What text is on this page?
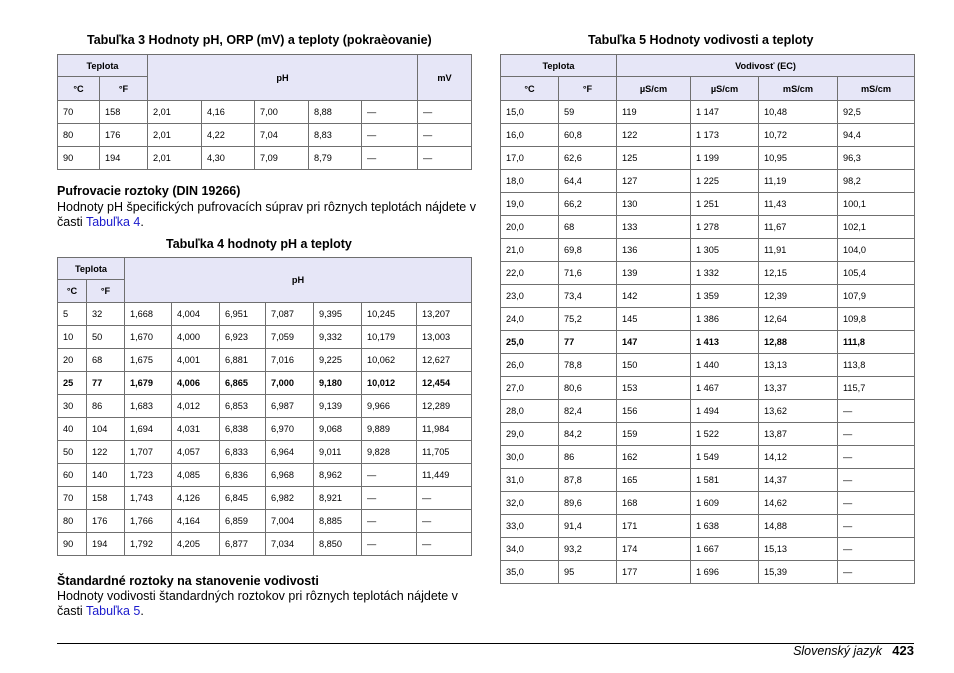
Tabuľka 3 Hodnoty pH, ORP (mV) a teploty (pokraèovanie)
Teplota		pH					mV
°C	°F						
70	158	2,01	4,16	7,00	8,88	—	—
80	176	2,01	4,22	7,04	8,83	—	—
90	194	2,01	4,30	7,09	8,79	—	—
Pufrovacie roztoky (DIN 19266)
Hodnoty pH špecifických pufrovacích súprav pri rôznych teplotách nájdete v časti Tabuľka 4.
Tabuľka 4 hodnoty pH a teploty
Teplota		pH						
°C	°F							
5	32	1,668	4,004	6,951	7,087	9,395	10,245	13,207
10	50	1,670	4,000	6,923	7,059	9,332	10,179	13,003
20	68	1,675	4,001	6,881	7,016	9,225	10,062	12,627
25	77	1,679	4,006	6,865	7,000	9,180	10,012	12,454
30	86	1,683	4,012	6,853	6,987	9,139	9,966	12,289
40	104	1,694	4,031	6,838	6,970	9,068	9,889	11,984
50	122	1,707	4,057	6,833	6,964	9,011	9,828	11,705
60	140	1,723	4,085	6,836	6,968	8,962	—	11,449
70	158	1,743	4,126	6,845	6,982	8,921	—	—
80	176	1,766	4,164	6,859	7,004	8,885	—	—
90	194	1,792	4,205	6,877	7,034	8,850	—	—
Štandardné roztoky na stanovenie vodivosti
Hodnoty vodivosti štandardných roztokov pri rôznych teplotách nájdete v časti Tabuľka 5.
Tabuľka 5 Hodnoty vodivosti a teploty
Teplota		Vodivosť (EC)			
°C	°F	µS/cm	µS/cm	mS/cm	mS/cm
15,0	59	119	1 147	10,48	92,5
16,0	60,8	122	1 173	10,72	94,4
17,0	62,6	125	1 199	10,95	96,3
18,0	64,4	127	1 225	11,19	98,2
19,0	66,2	130	1 251	11,43	100,1
20,0	68	133	1 278	11,67	102,1
21,0	69,8	136	1 305	11,91	104,0
22,0	71,6	139	1 332	12,15	105,4
23,0	73,4	142	1 359	12,39	107,9
24,0	75,2	145	1 386	12,64	109,8
25,0	77	147	1 413	12,88	111,8
26,0	78,8	150	1 440	13,13	113,8
27,0	80,6	153	1 467	13,37	115,7
28,0	82,4	156	1 494	13,62	—
29,0	84,2	159	1 522	13,87	—
30,0	86	162	1 549	14,12	—
31,0	87,8	165	1 581	14,37	—
32,0	89,6	168	1 609	14,62	—
33,0	91,4	171	1 638	14,88	—
34,0	93,2	174	1 667	15,13	—
35,0	95	177	1 696	15,39	—
Slovenský jazyk 423
